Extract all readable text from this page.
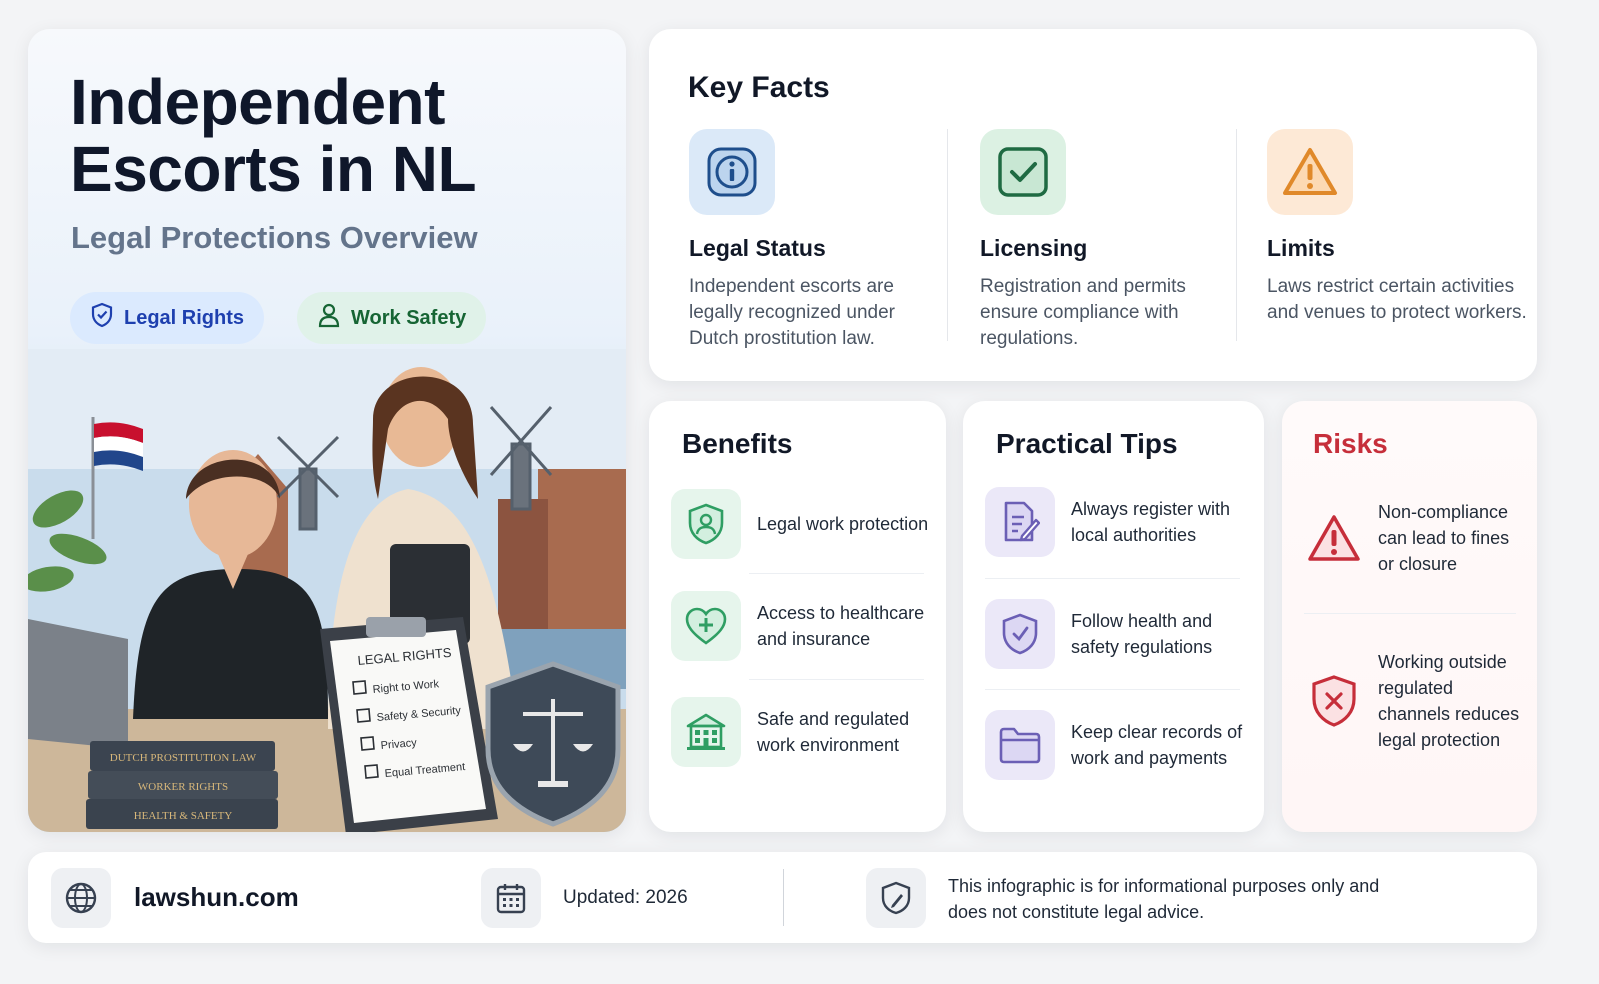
Independent
Escorts in NL
Legal Protections Overview
Legal Rights	Work Safety
DUTCH PROSTITUTION LAW
WORKER RIGHTS
HEALTH & SAFETY
LEGAL RIGHTS
Right to Work
Safety & Security
Privacy
Equal Treatment
Key Facts
Legal Status
Independent escorts are legally recognized under Dutch prostitution law.
Licensing
Registration and permits ensure compliance with regulations.
Limits
Laws restrict certain activities and venues to protect workers.
Benefits
Legal work protection
Access to healthcare and insurance
Safe and regulated work environment
Practical Tips
Always register with local authorities
Follow health and safety regulations
Keep clear records of work and payments
Risks
Non-compliance can lead to fines or closure
Working outside regulated channels reduces legal protection
lawshun.com	Updated: 2026
This infographic is for informational purposes only and does not constitute legal advice.
